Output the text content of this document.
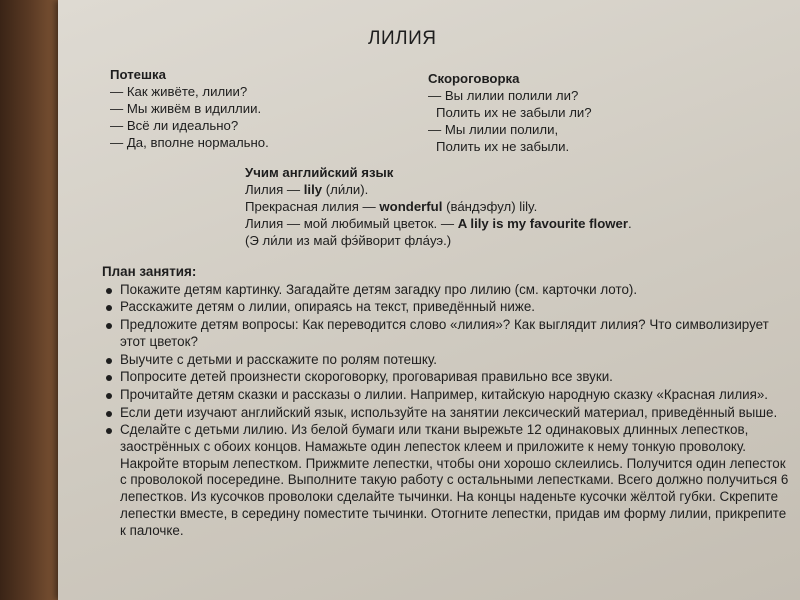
ЛИЛИЯ
Потешка
— Как живёте, лилии?
— Мы живём в идиллии.
— Всё ли идеально?
— Да, вполне нормально.
Скороговорка
— Вы лилии полили ли?
Полить их не забыли ли?
— Мы лилии полили,
Полить их не забыли.
Учим английский язык
Лилия — lily (ли́ли).
Прекрасная лилия — wonderful (ва́ндэфул) lily.
Лилия — мой любимый цветок. — A lily is my favourite flower.
(Э ли́ли из май фэ́йворит фла́уэ.)
План занятия:
Покажите детям картинку. Загадайте детям загадку про лилию (см. карточки лото).
Расскажите детям о лилии, опираясь на текст, приведённый ниже.
Предложите детям вопросы: Как переводится слово «лилия»? Как выглядит лилия? Что символизирует этот цветок?
Выучите с детьми и расскажите по ролям потешку.
Попросите детей произнести скороговорку, проговаривая правильно все звуки.
Прочитайте детям сказки и рассказы о лилии. Например, китайскую народную сказку «Красная лилия».
Если дети изучают английский язык, используйте на занятии лексический материал, приведённый выше.
Сделайте с детьми лилию. Из белой бумаги или ткани вырежьте 12 одинаковых длинных лепестков, заострённых с обоих концов. Намажьте один лепесток клеем и приложите к нему тонкую проволоку. Накройте вторым лепестком. Прижмите лепестки, чтобы они хорошо склеились. Получится один лепесток с проволокой посередине. Выполните такую работу с остальными лепестками. Всего должно получиться 6 лепестков. Из кусочков проволоки сделайте тычинки. На концы наденьте кусочки жёлтой губки. Скрепите лепестки вместе, в середину поместите тычинки. Отогните лепестки, придав им форму лилии, прикрепите к палочке.
